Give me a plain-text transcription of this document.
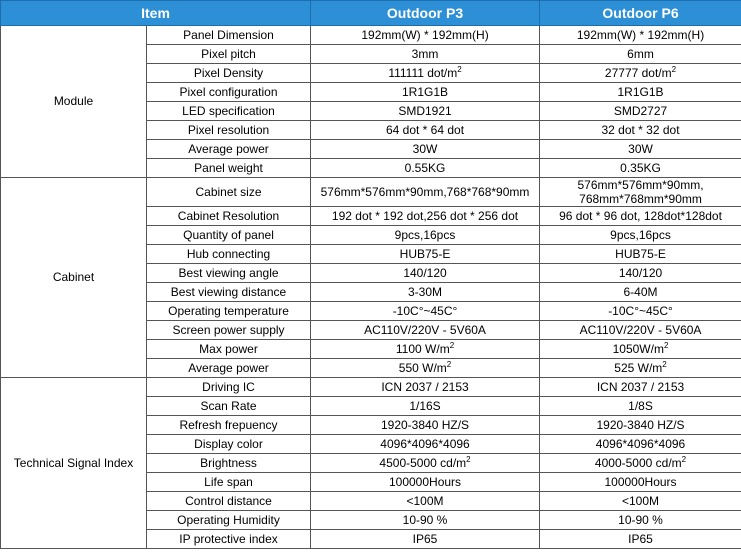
Item		Outdoor P3	Outdoor P6
Module	Panel Dimension	192mm(W) * 192mm(H)	192mm(W) * 192mm(H)
	Pixel pitch	3mm	6mm
	Pixel Density	111111 dot/$m^2$	27777 dot/$m^2$
	Pixel configuration	1R1G1B	1R1G1B
	LED specification	SMD1921	SMD2727
	Pixel resolution	64 dot * 64 dot	32 dot * 32 dot
	Average power	30W	30W
	Panel weight	0.55KG	0.35KG
Cabinet	Cabinet size	576mm*576mm*90mm,768*768*90mm	576mm*576mm*90mm, 768mm*768mm*90mm
	Cabinet Resolution	192 dot * 192 dot,256 dot * 256 dot	96 dot * 96 dot, 128dot*128dot
	Quantity of panel	9pcs,16pcs	9pcs,16pcs
	Hub connecting	HUB75-E	HUB75-E
	Best viewing angle	140/120	140/120
	Best viewing distance	3-30M	6-40M
	Operating temperature	-10C°~45C°	-10C°~45C°
	Screen power supply	AC110V/220V - 5V60A	AC110V/220V - 5V60A
	Max power	1100 $W/m^2$	$1050W/m^2$
	Average power	550 $W/m^2$	525 $W/m^2$
Technical Signal Index	Driving IC	ICN 2037 / 2153	ICN 2037 / 2153
	Scan Rate	1/16S	1/8S
	Refresh frepuency	1920-3840 HZ/S	1920-3840 HZ/S
	Display color	4096*4096*4096	4096*4096*4096
	Brightness	4500-5000 $cd/m^2$	4000-5000 $cd/m^2$
	Life span	100000Hours	100000Hours
	Control distance	<100M	<100M
	Operating Humidity	10-90 %	10-90 %
	IP protective index	IP65	IP65
